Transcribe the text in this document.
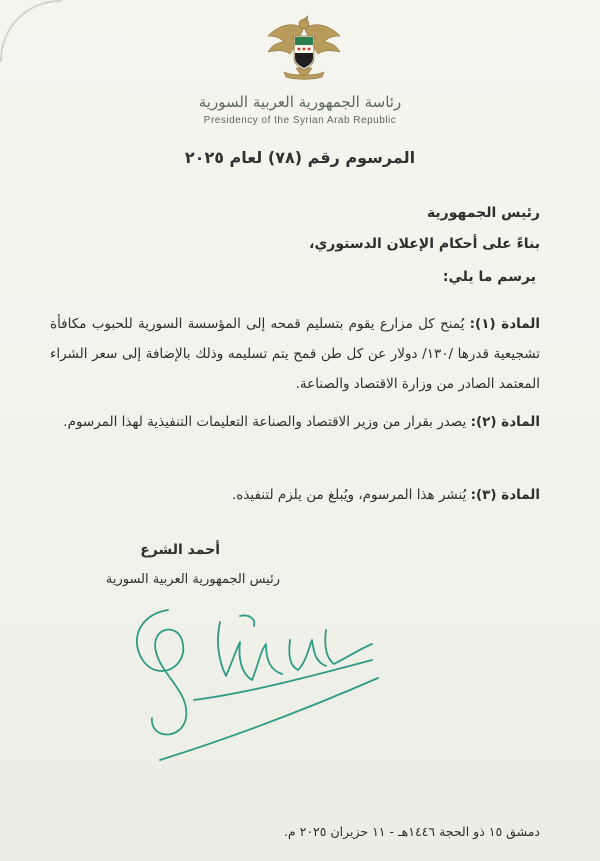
رئاسة الجمهورية العربية السورية
Presidency of the Syrian Arab Republic
المرسوم رقم (٧٨) لعام ٢٠٢٥
رئيس الجمهورية
بناءً على أحكام الإعلان الدستوري،
يرسم ما يلي:
المادة (١): يُمنح كل مزارع يقوم بتسليم قمحه إلى المؤسسة السورية للحبوب مكافأة تشجيعية قدرها /١٣٠/ دولار عن كل طن قمح يتم تسليمه وذلك بالإضافة إلى سعر الشراء المعتمد الصادر من وزارة الاقتصاد والصناعة.
المادة (٢): يصدر بقرار من وزير الاقتصاد والصناعة التعليمات التنفيذية لهذا المرسوم.
المادة (٣): يُنشر هذا المرسوم، ويُبلغ من يلزم لتنفيذه.
أحمد الشرع
رئيس الجمهورية العربية السورية
دمشق ١٥ ذو الحجة ١٤٤٦هـ - ١١ حزيران ٢٠٢٥ م.
